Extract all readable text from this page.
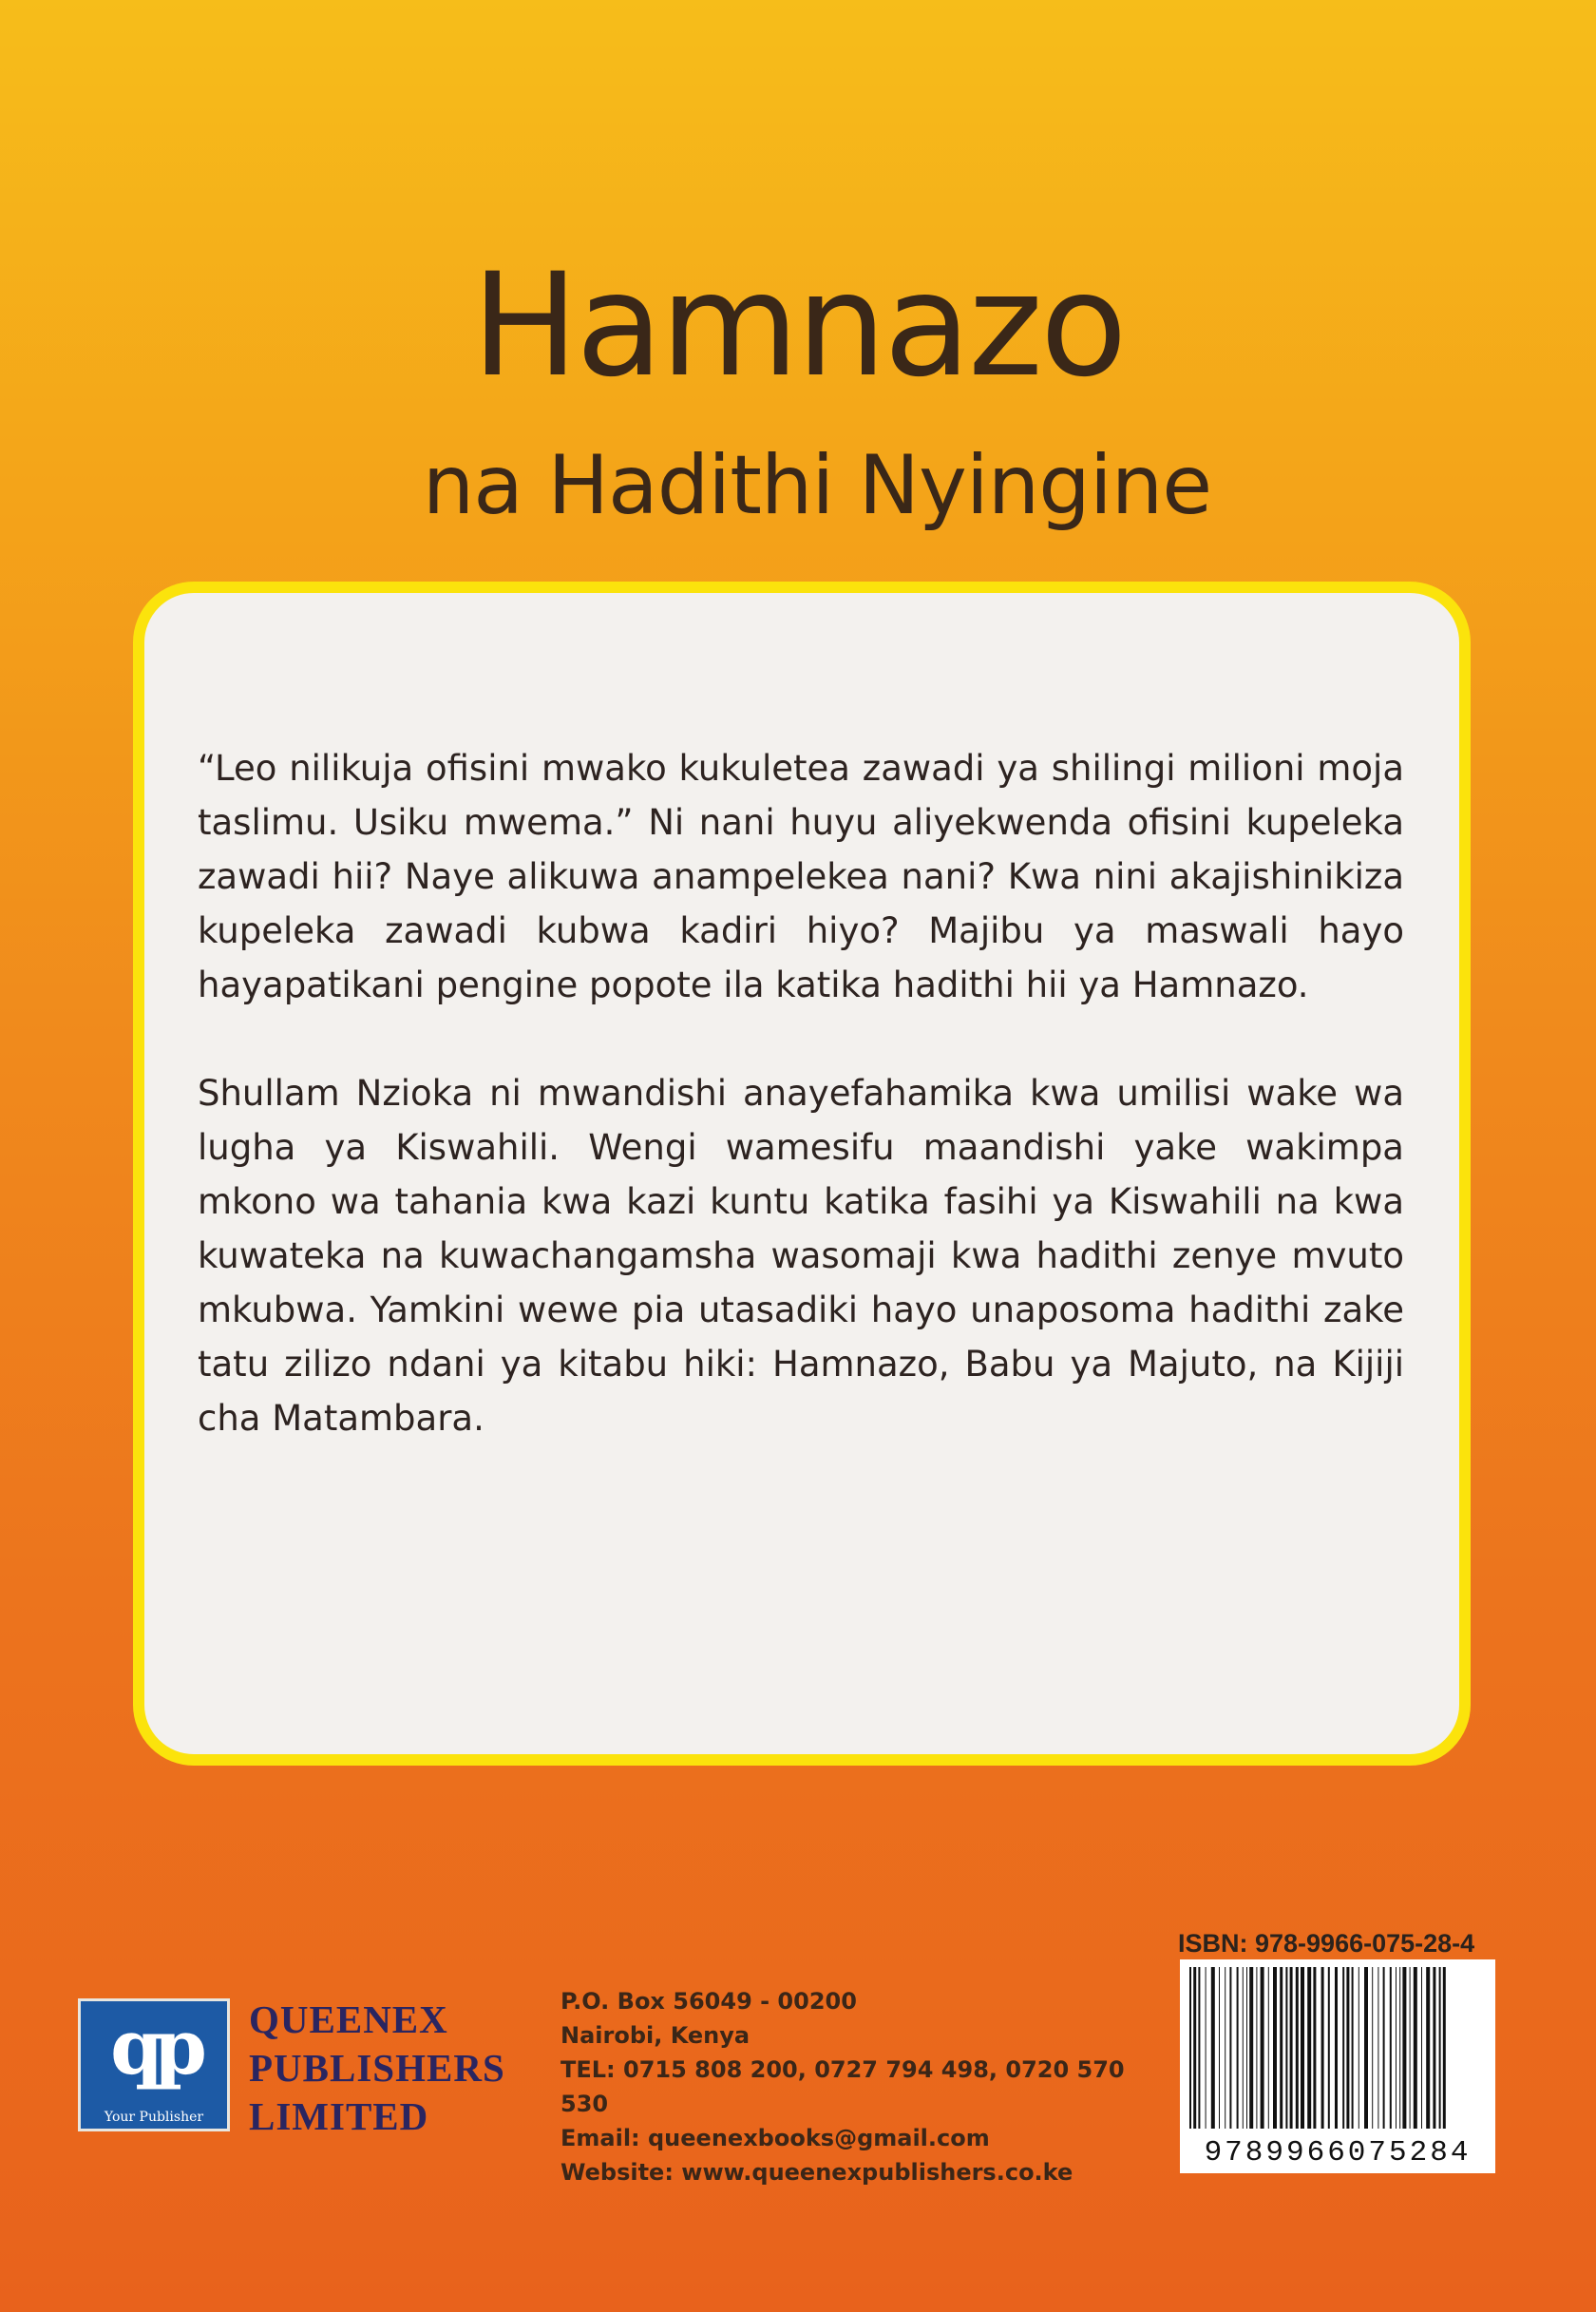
Hamnazo
na Hadithi Nyingine

“Leo nilikuja ofisini mwako kukuletea zawadi ya shilingi milioni moja taslimu. Usiku mwema.” Ni nani huyu aliyekwenda ofisini kupeleka zawadi hii? Naye alikuwa anampelekea nani? Kwa nini akajishinikiza kupeleka zawadi kubwa kadiri hiyo? Majibu ya maswali hayo hayapatikani pengine popote ila katika hadithi hii ya Hamnazo.

Shullam Nzioka ni mwandishi anayefahamika kwa umilisi wake wa lugha ya Kiswahili. Wengi wamesifu maandishi yake wakimpa mkono wa tahania kwa kazi kuntu katika fasihi ya Kiswahili na kwa kuwateka na kuwachangamsha wasomaji kwa hadithi zenye mvuto mkubwa. Yamkini wewe pia utasadiki hayo unaposoma hadithi zake tatu zilizo ndani ya kitabu hiki: Hamnazo, Babu ya Majuto, na Kijiji cha Matambara.

qp
Your Publisher
QUEENEX
PUBLISHERS
LIMITED
P.O. Box 56049 - 00200
Nairobi, Kenya
TEL: 0715 808 200, 0727 794 498, 0720 570 530
Email: queenexbooks@gmail.com
Website: www.queenexpublishers.co.ke
ISBN: 978-9966-075-28-4
9789966075284
